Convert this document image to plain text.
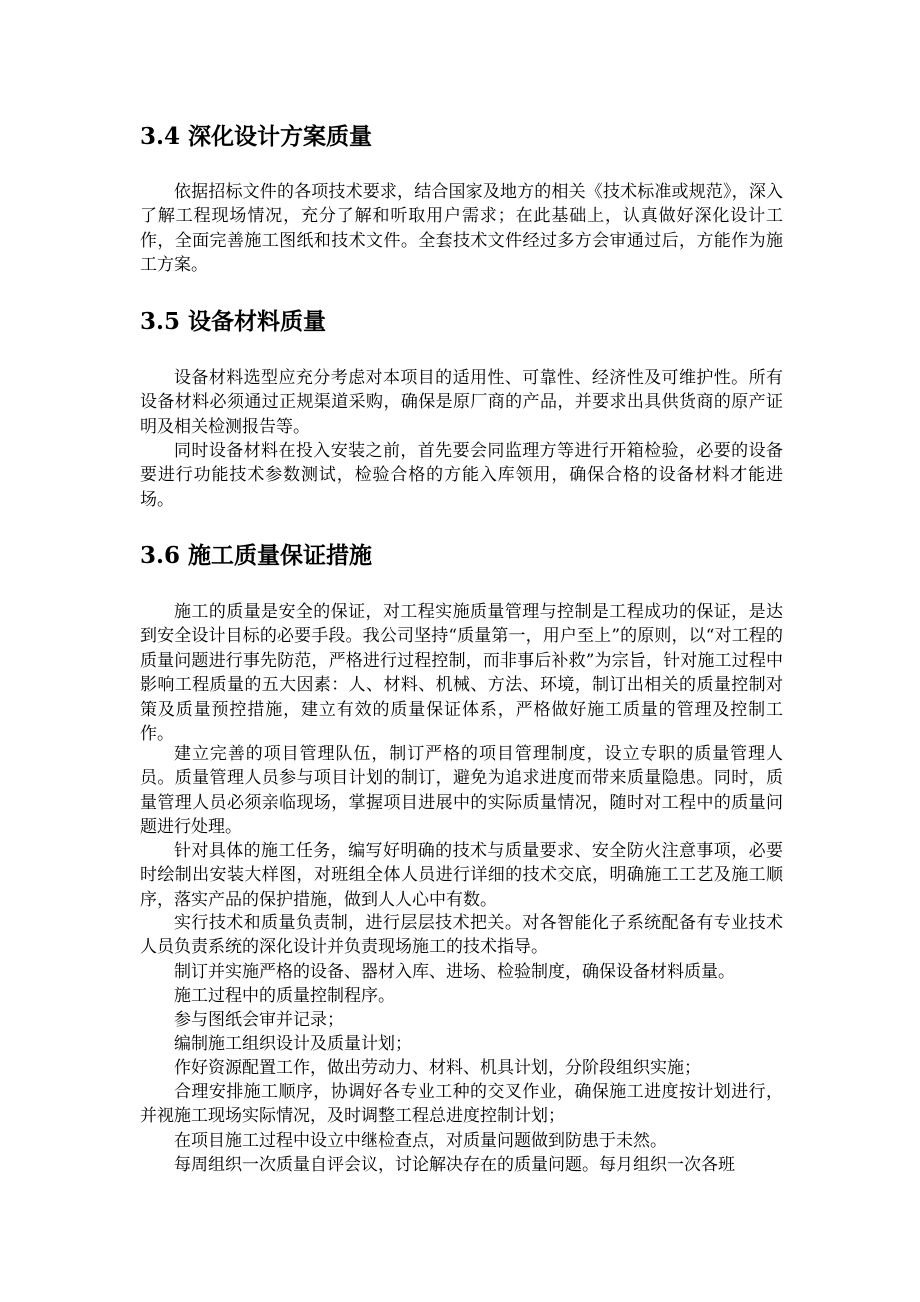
3.4 深化设计方案质量

依据招标文件的各项技术要求，结合国家及地方的相关《技术标准或规范》，深入了解工程现场情况，充分了解和听取用户需求；在此基础上，认真做好深化设计工作，全面完善施工图纸和技术文件。全套技术文件经过多方会审通过后，方能作为施工方案。

3.5 设备材料质量

设备材料选型应充分考虑对本项目的适用性、可靠性、经济性及可维护性。所有设备材料必须通过正规渠道采购，确保是原厂商的产品，并要求出具供货商的原产证明及相关检测报告等。

同时设备材料在投入安装之前，首先要会同监理方等进行开箱检验，必要的设备要进行功能技术参数测试，检验合格的方能入库领用，确保合格的设备材料才能进场。

3.6 施工质量保证措施

施工的质量是安全的保证，对工程实施质量管理与控制是工程成功的保证，是达到安全设计目标的必要手段。我公司坚持“质量第一，用户至上”的原则，以“对工程的质量问题进行事先防范，严格进行过程控制，而非事后补救”为宗旨，针对施工过程中影响工程质量的五大因素：人、材料、机械、方法、环境，制订出相关的质量控制对策及质量预控措施，建立有效的质量保证体系，严格做好施工质量的管理及控制工作。

建立完善的项目管理队伍，制订严格的项目管理制度，设立专职的质量管理人员。质量管理人员参与项目计划的制订，避免为追求进度而带来质量隐患。同时，质量管理人员必须亲临现场，掌握项目进展中的实际质量情况，随时对工程中的质量问题进行处理。

针对具体的施工任务，编写好明确的技术与质量要求、安全防火注意事项，必要时绘制出安装大样图，对班组全体人员进行详细的技术交底，明确施工工艺及施工顺序，落实产品的保护措施，做到人人心中有数。

实行技术和质量负责制，进行层层技术把关。对各智能化子系统配备有专业技术人员负责系统的深化设计并负责现场施工的技术指导。

制订并实施严格的设备、器材入库、进场、检验制度，确保设备材料质量。

施工过程中的质量控制程序。

参与图纸会审并记录；

编制施工组织设计及质量计划；

作好资源配置工作，做出劳动力、材料、机具计划，分阶段组织实施；

合理安排施工顺序，协调好各专业工种的交叉作业，确保施工进度按计划进行，并视施工现场实际情况，及时调整工程总进度控制计划；

在项目施工过程中设立中继检查点，对质量问题做到防患于未然。

每周组织一次质量自评会议，讨论解决存在的质量问题。每月组织一次各班
